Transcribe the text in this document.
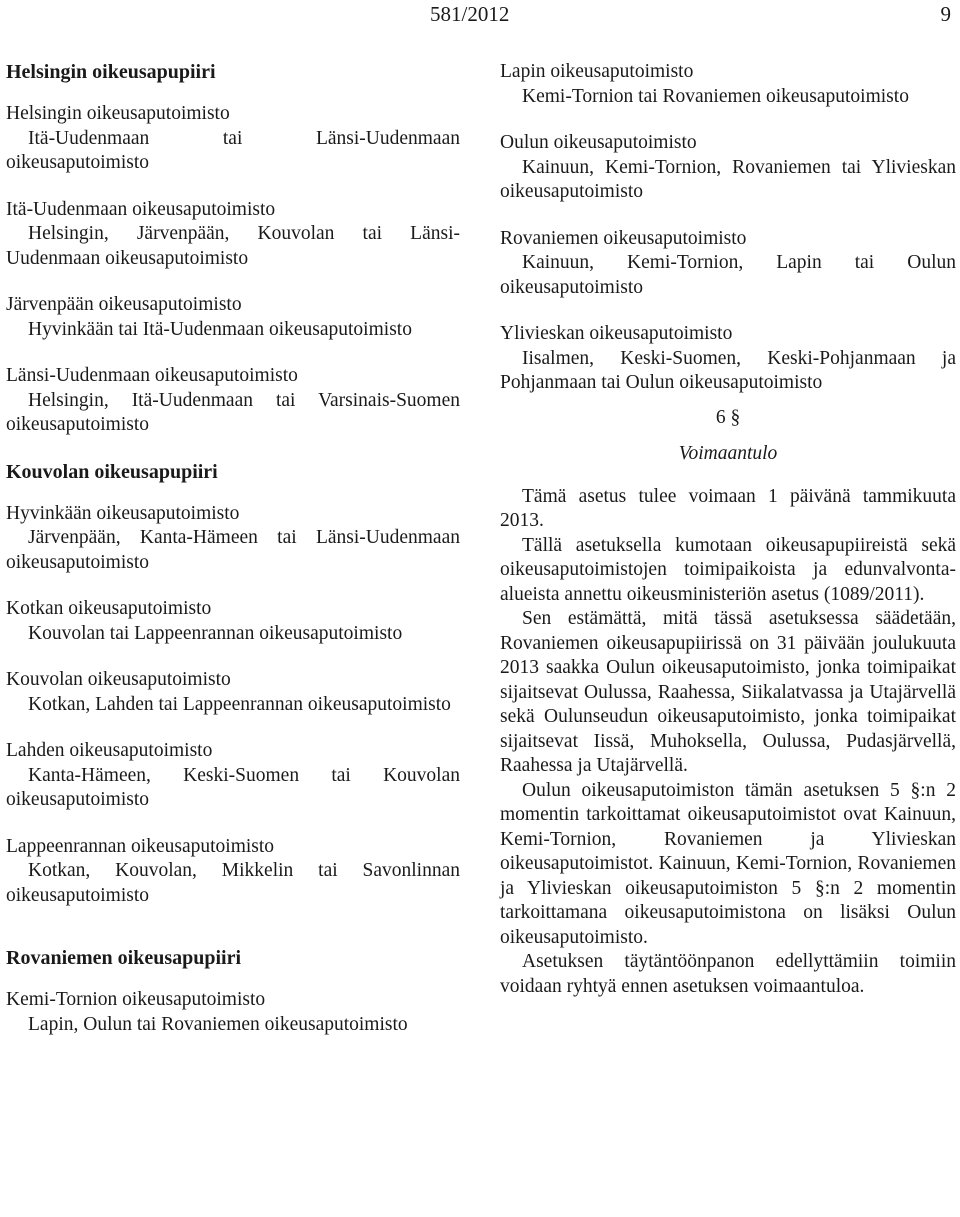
581/2012	9
Helsingin oikeusapupiiri

Helsingin oikeusaputoimisto

Itä-Uudenmaan tai Länsi-Uudenmaan oikeusaputoimisto

Itä-Uudenmaan oikeusaputoimisto

Helsingin, Järvenpään, Kouvolan tai Länsi-Uudenmaan oikeusaputoimisto

Järvenpään oikeusaputoimisto

Hyvinkään tai Itä-Uudenmaan oikeusaputoimisto

Länsi-Uudenmaan oikeusaputoimisto

Helsingin, Itä-Uudenmaan tai Varsinais-Suomen oikeusaputoimisto

Kouvolan oikeusapupiiri

Hyvinkään oikeusaputoimisto

Järvenpään, Kanta-Hämeen tai Länsi-Uudenmaan oikeusaputoimisto

Kotkan oikeusaputoimisto

Kouvolan tai Lappeenrannan oikeusaputoimisto

Kouvolan oikeusaputoimisto

Kotkan, Lahden tai Lappeenrannan oikeusaputoimisto

Lahden oikeusaputoimisto

Kanta-Hämeen, Keski-Suomen tai Kouvolan oikeusaputoimisto

Lappeenrannan oikeusaputoimisto

Kotkan, Kouvolan, Mikkelin tai Savonlinnan oikeusaputoimisto

Rovaniemen oikeusapupiiri

Kemi-Tornion oikeusaputoimisto

Lapin, Oulun tai Rovaniemen oikeusaputoimisto

Lapin oikeusaputoimisto

Kemi-Tornion tai Rovaniemen oikeusaputoimisto

Oulun oikeusaputoimisto

Kainuun, Kemi-Tornion, Rovaniemen tai Ylivieskan oikeusaputoimisto

Rovaniemen oikeusaputoimisto

Kainuun, Kemi-Tornion, Lapin tai Oulun oikeusaputoimisto

Ylivieskan oikeusaputoimisto

Iisalmen, Keski-Suomen, Keski-Pohjanmaan ja Pohjanmaan tai Oulun oikeusaputoimisto

6 §
Voimaantulo

Tämä asetus tulee voimaan 1 päivänä tammikuuta 2013.

Tällä asetuksella kumotaan oikeusapupiireistä sekä oikeusaputoimistojen toimipaikoista ja edunvalvonta-alueista annettu oikeusministeriön asetus (1089/2011).

Sen estämättä, mitä tässä asetuksessa säädetään, Rovaniemen oikeusapupiirissä on 31 päivään joulukuuta 2013 saakka Oulun oikeusaputoimisto, jonka toimipaikat sijaitsevat Oulussa, Raahessa, Siikalatvassa ja Utajärvellä sekä Oulunseudun oikeusaputoimisto, jonka toimipaikat sijaitsevat Iissä, Muhoksella, Oulussa, Pudasjärvellä, Raahessa ja Utajärvellä.

Oulun oikeusaputoimiston tämän asetuksen 5 §:n 2 momentin tarkoittamat oikeusaputoimistot ovat Kainuun, Kemi-Tornion, Rovaniemen ja Ylivieskan oikeusaputoimistot. Kainuun, Kemi-Tornion, Rovaniemen ja Ylivieskan oikeusaputoimiston 5 §:n 2 momentin tarkoittamana oikeusaputoimistona on lisäksi Oulun oikeusaputoimisto.

Asetuksen täytäntöönpanon edellyttämiin toimiin voidaan ryhtyä ennen asetuksen voimaantuloa.
